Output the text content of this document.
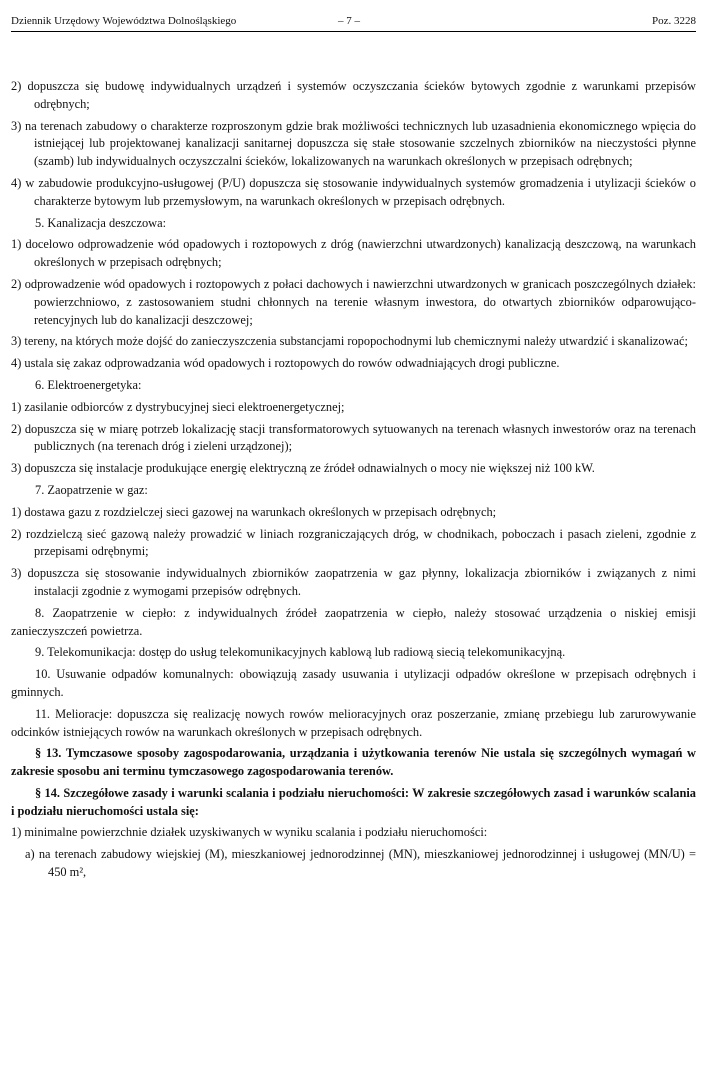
Dziennik Urzędowy Województwa Dolnośląskiego	– 7 –	Poz. 3228
2) dopuszcza się budowę indywidualnych urządzeń i systemów oczyszczania ścieków bytowych zgodnie z warunkami przepisów odrębnych;
3) na terenach zabudowy o charakterze rozproszonym gdzie brak możliwości technicznych lub uzasadnienia ekonomicznego wpięcia do istniejącej lub projektowanej kanalizacji sanitarnej dopuszcza się stałe stosowanie szczelnych zbiorników na nieczystości płynne (szamb) lub indywidualnych oczyszczalni ścieków, lokalizowanych na warunkach określonych w przepisach odrębnych;
4) w zabudowie produkcyjno-usługowej (P/U) dopuszcza się stosowanie indywidualnych systemów gromadzenia i utylizacji ścieków o charakterze bytowym lub przemysłowym, na warunkach określonych w przepisach odrębnych.
5. Kanalizacja deszczowa:
1) docelowo odprowadzenie wód opadowych i roztopowych z dróg (nawierzchni utwardzonych) kanalizacją deszczową, na warunkach określonych w przepisach odrębnych;
2) odprowadzenie wód opadowych i roztopowych z połaci dachowych i nawierzchni utwardzonych w granicach poszczególnych działek: powierzchniowo, z zastosowaniem studni chłonnych na terenie własnym inwestora, do otwartych zbiorników odparowująco-retencyjnych lub do kanalizacji deszczowej;
3) tereny, na których może dojść do zanieczyszczenia substancjami ropopochodnymi lub chemicznymi należy utwardzić i skanalizować;
4) ustala się zakaz odprowadzania wód opadowych i roztopowych do rowów odwadniających drogi publiczne.
6. Elektroenergetyka:
1) zasilanie odbiorców z dystrybucyjnej sieci elektroenergetycznej;
2) dopuszcza się w miarę potrzeb lokalizację stacji transformatorowych sytuowanych na terenach własnych inwestorów oraz na terenach publicznych (na terenach dróg i zieleni urządzonej);
3) dopuszcza się instalacje produkujące energię elektryczną ze źródeł odnawialnych o mocy nie większej niż 100 kW.
7. Zaopatrzenie w gaz:
1) dostawa gazu z rozdzielczej sieci gazowej na warunkach określonych w przepisach odrębnych;
2) rozdzielczą sieć gazową należy prowadzić w liniach rozgraniczających dróg, w chodnikach, poboczach i pasach zieleni, zgodnie z przepisami odrębnymi;
3) dopuszcza się stosowanie indywidualnych zbiorników zaopatrzenia w gaz płynny, lokalizacja zbiorników i związanych z nimi instalacji zgodnie z wymogami przepisów odrębnych.
8. Zaopatrzenie w ciepło: z indywidualnych źródeł zaopatrzenia w ciepło, należy stosować urządzenia o niskiej emisji zanieczyszczeń powietrza.
9. Telekomunikacja: dostęp do usług telekomunikacyjnych kablową lub radiową siecią telekomunikacyjną.
10. Usuwanie odpadów komunalnych: obowiązują zasady usuwania i utylizacji odpadów określone w przepisach odrębnych i gminnych.
11. Melioracje: dopuszcza się realizację nowych rowów melioracyjnych oraz poszerzanie, zmianę przebiegu lub zarurowywanie odcinków istniejących rowów na warunkach określonych w przepisach odrębnych.
§ 13. Tymczasowe sposoby zagospodarowania, urządzania i użytkowania terenów Nie ustala się szczególnych wymagań w zakresie sposobu ani terminu tymczasowego zagospodarowania terenów.
§ 14. Szczegółowe zasady i warunki scalania i podziału nieruchomości: W zakresie szczegółowych zasad i warunków scalania i podziału nieruchomości ustala się:
1) minimalne powierzchnie działek uzyskiwanych w wyniku scalania i podziału nieruchomości:
a) na terenach zabudowy wiejskiej (M), mieszkaniowej jednorodzinnej (MN), mieszkaniowej jednorodzinnej i usługowej (MN/U) = 450 m²,
